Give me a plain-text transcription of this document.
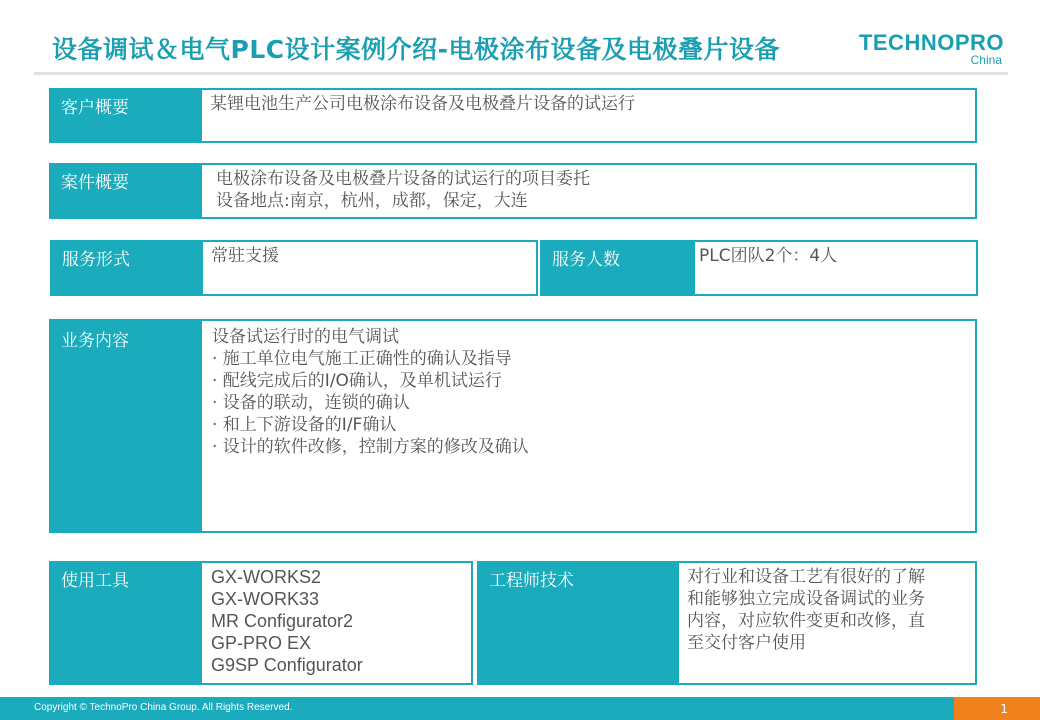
设备调试＆电气PLC设计案例介绍-电极涂布设备及电极叠片设备	TECHNOPRO
China
客户概要	某锂电池生产公司电极涂布设备及电极叠片设备的试运行
案件概要	电极涂布设备及电极叠片设备的试运行的项目委托
设备地点:南京，杭州，成都，保定，大连
服务形式	常驻支援	服务人数	PLC团队2个：4人
业务内容	设备试运行时的电气调试
· 施工单位电气施工正确性的确认及指导
· 配线完成后的I/O确认，及单机试运行
· 设备的联动，连锁的确认
· 和上下游设备的I/F确认
· 设计的软件改修，控制方案的修改及确认
使用工具	GX-WORKS2
GX-WORK33
MR Configurator2
GP-PRO EX
G9SP Configurator
工程师技术	对行业和设备工艺有很好的了解
和能够独立完成设备调试的业务
内容，对应软件变更和改修，直
至交付客户使用
Copyright © TechnoPro China Group. All Rights Reserved.	1
